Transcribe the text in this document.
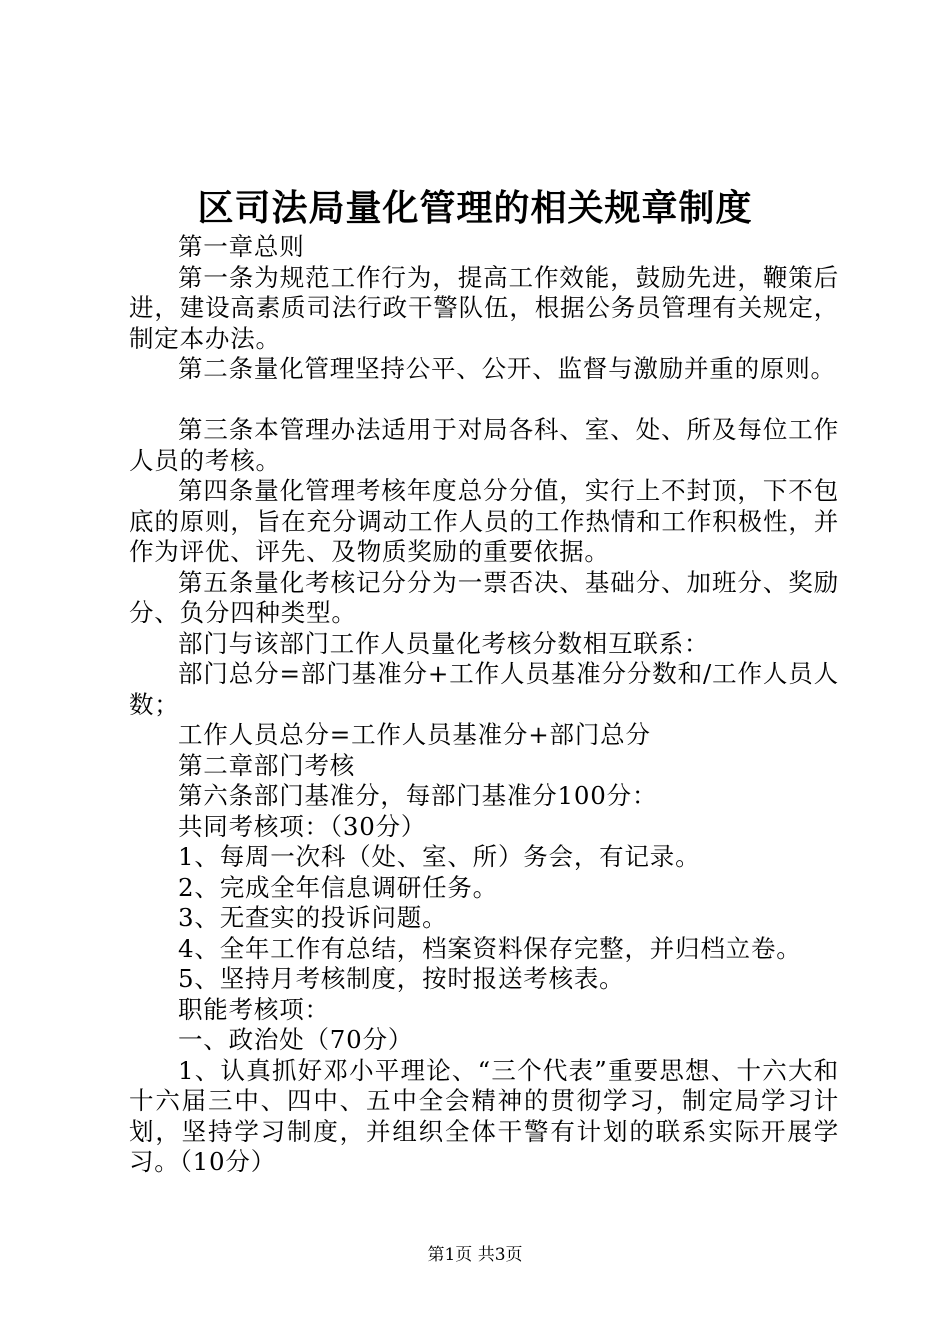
区司法局量化管理的相关规章制度

第一章总则

第一条为规范工作行为，提高工作效能，鼓励先进，鞭策后进，建设高素质司法行政干警队伍，根据公务员管理有关规定，制定本办法。

第二条量化管理坚持公平、公开、监督与激励并重的原则。

第三条本管理办法适用于对局各科、室、处、所及每位工作人员的考核。

第四条量化管理考核年度总分分值，实行上不封顶，下不包底的原则，旨在充分调动工作人员的工作热情和工作积极性，并作为评优、评先、及物质奖励的重要依据。

第五条量化考核记分分为一票否决、基础分、加班分、奖励分、负分四种类型。

部门与该部门工作人员量化考核分数相互联系：

部门总分=部门基准分+工作人员基准分分数和/工作人员人数；

工作人员总分=工作人员基准分+部门总分

第二章部门考核

第六条部门基准分，每部门基准分100分：

共同考核项：（30分）

1、每周一次科（处、室、所）务会，有记录。

2、完成全年信息调研任务。

3、无查实的投诉问题。

4、全年工作有总结，档案资料保存完整，并归档立卷。

5、坚持月考核制度，按时报送考核表。

职能考核项：

一、政治处（70分）

1、认真抓好邓小平理论、“三个代表”重要思想、十六大和十六届三中、四中、五中全会精神的贯彻学习，制定局学习计划，坚持学习制度，并组织全体干警有计划的联系实际开展学习。（10分）

第1页 共3页
